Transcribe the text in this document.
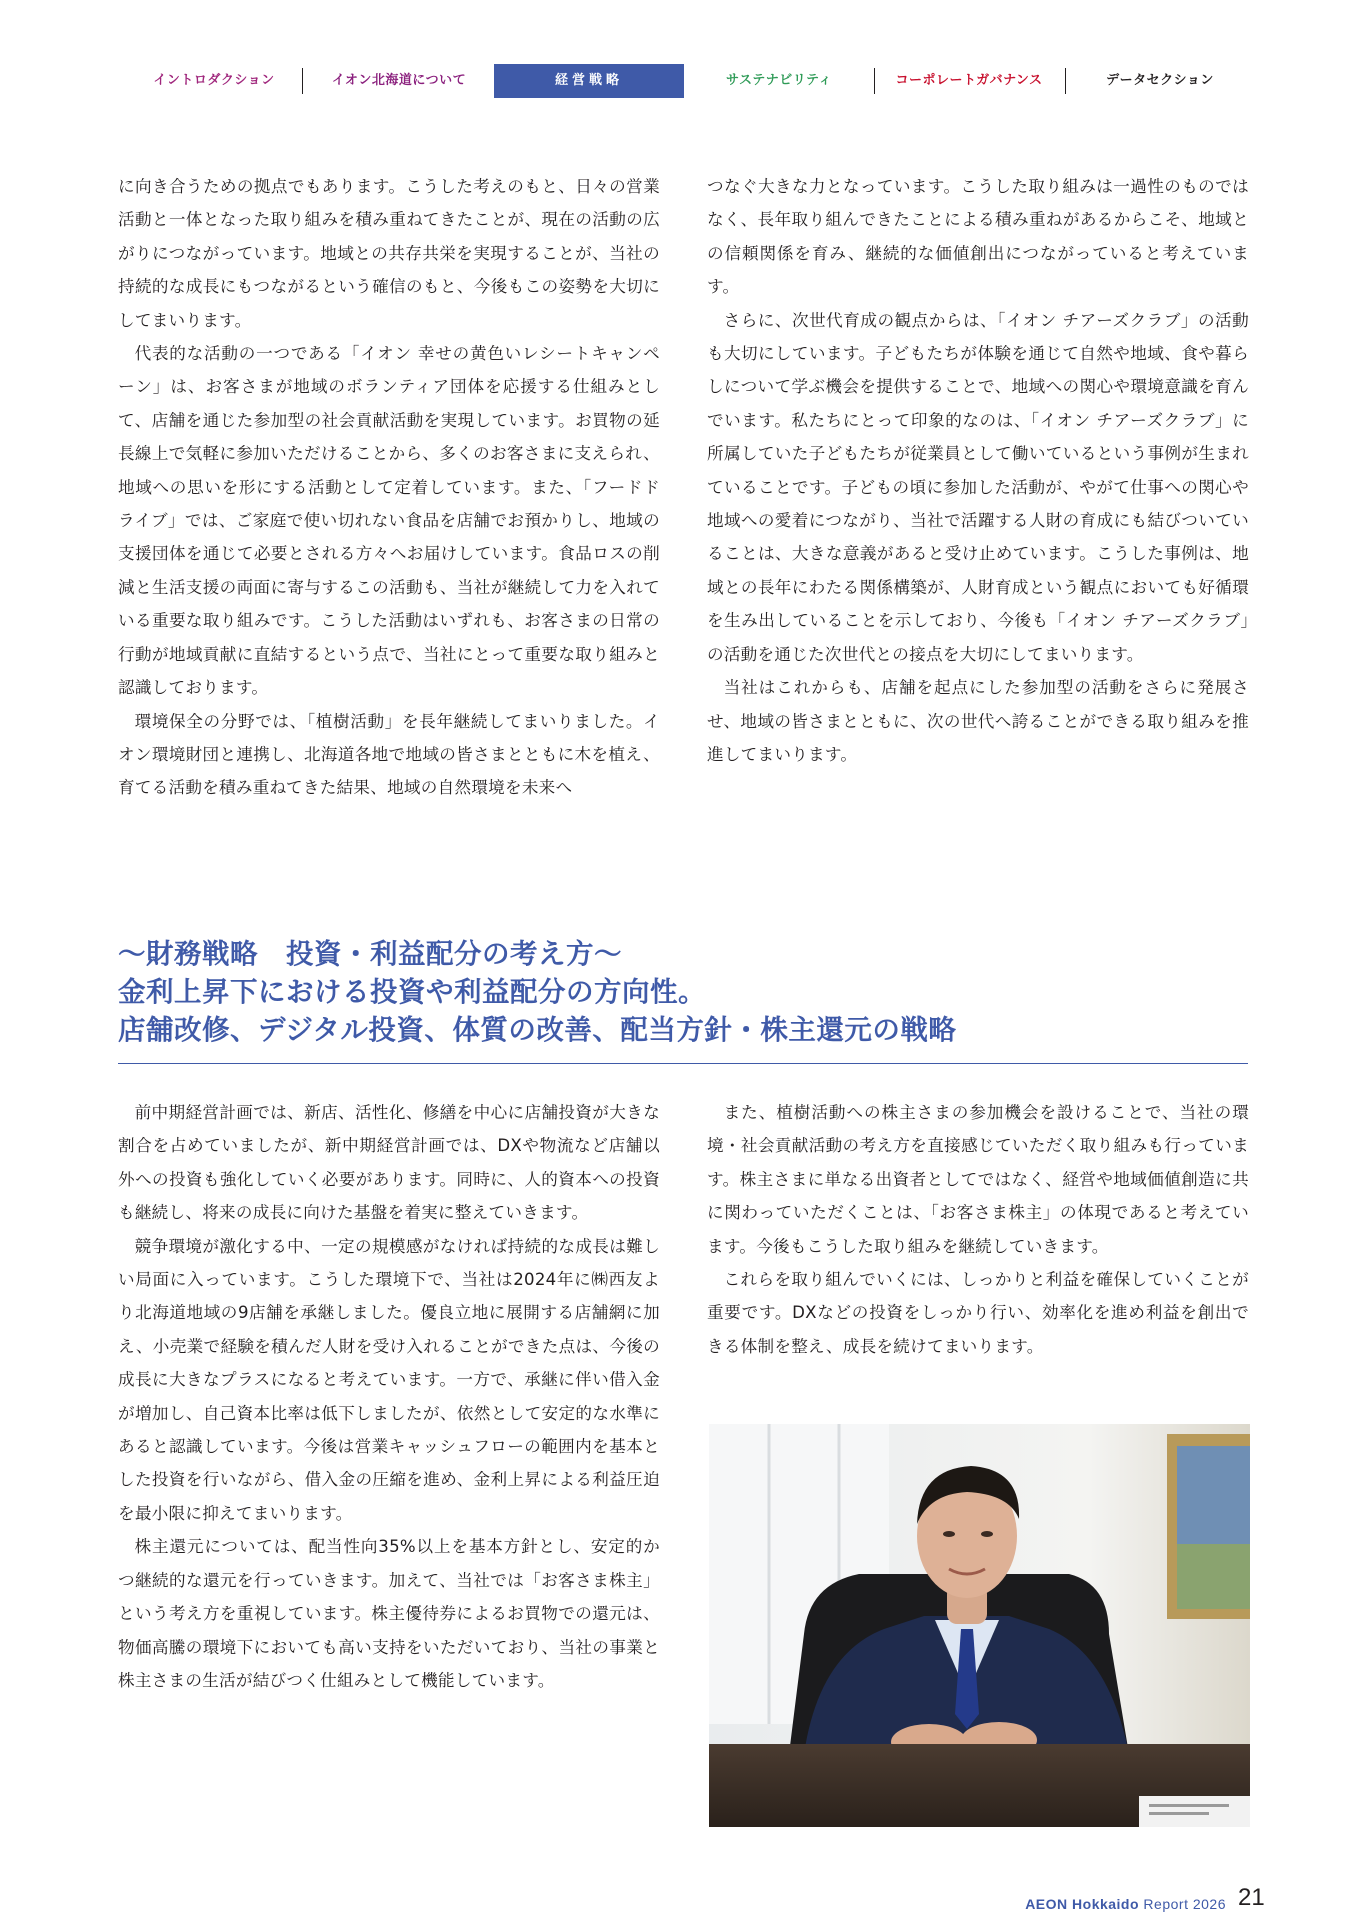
イントロダクション	イオン北海道について	経営戦略	サステナビリティ	コーポレートガバナンス	データセクション

に向き合うための拠点でもあります。こうした考えのもと、日々の営業活動と一体となった取り組みを積み重ねてきたことが、現在の活動の広がりにつながっています。地域との共存共栄を実現することが、当社の持続的な成長にもつながるという確信のもと、今後もこの姿勢を大切にしてまいります。

代表的な活動の一つである「イオン 幸せの黄色いレシートキャンペーン」は、お客さまが地域のボランティア団体を応援する仕組みとして、店舗を通じた参加型の社会貢献活動を実現しています。お買物の延長線上で気軽に参加いただけることから、多くのお客さまに支えられ、地域への思いを形にする活動として定着しています。また、「フードドライブ」では、ご家庭で使い切れない食品を店舗でお預かりし、地域の支援団体を通じて必要とされる方々へお届けしています。食品ロスの削減と生活支援の両面に寄与するこの活動も、当社が継続して力を入れている重要な取り組みです。こうした活動はいずれも、お客さまの日常の行動が地域貢献に直結するという点で、当社にとって重要な取り組みと認識しております。

環境保全の分野では、「植樹活動」を長年継続してまいりました。イオン環境財団と連携し、北海道各地で地域の皆さまとともに木を植え、育てる活動を積み重ねてきた結果、地域の自然環境を未来へ

つなぐ大きな力となっています。こうした取り組みは一過性のものではなく、長年取り組んできたことによる積み重ねがあるからこそ、地域との信頼関係を育み、継続的な価値創出につながっていると考えています。

さらに、次世代育成の観点からは、「イオン チアーズクラブ」の活動も大切にしています。子どもたちが体験を通じて自然や地域、食や暮らしについて学ぶ機会を提供することで、地域への関心や環境意識を育んでいます。私たちにとって印象的なのは、「イオン チアーズクラブ」に所属していた子どもたちが従業員として働いているという事例が生まれていることです。子どもの頃に参加した活動が、やがて仕事への関心や地域への愛着につながり、当社で活躍する人財の育成にも結びついていることは、大きな意義があると受け止めています。こうした事例は、地域との長年にわたる関係構築が、人財育成という観点においても好循環を生み出していることを示しており、今後も「イオン チアーズクラブ」の活動を通じた次世代との接点を大切にしてまいります。

当社はこれからも、店舗を起点にした参加型の活動をさらに発展させ、地域の皆さまとともに、次の世代へ誇ることができる取り組みを推進してまいります。

〜財務戦略　投資・利益配分の考え方〜
金利上昇下における投資や利益配分の方向性。
店舗改修、デジタル投資、体質の改善、配当方針・株主還元の戦略

前中期経営計画では、新店、活性化、修繕を中心に店舗投資が大きな割合を占めていましたが、新中期経営計画では、DXや物流など店舗以外への投資も強化していく必要があります。同時に、人的資本への投資も継続し、将来の成長に向けた基盤を着実に整えていきます。

競争環境が激化する中、一定の規模感がなければ持続的な成長は難しい局面に入っています。こうした環境下で、当社は2024年に㈱西友より北海道地域の9店舗を承継しました。優良立地に展開する店舗網に加え、小売業で経験を積んだ人財を受け入れることができた点は、今後の成長に大きなプラスになると考えています。一方で、承継に伴い借入金が増加し、自己資本比率は低下しましたが、依然として安定的な水準にあると認識しています。今後は営業キャッシュフローの範囲内を基本とした投資を行いながら、借入金の圧縮を進め、金利上昇による利益圧迫を最小限に抑えてまいります。

株主還元については、配当性向35%以上を基本方針とし、安定的かつ継続的な還元を行っていきます。加えて、当社では「お客さま株主」という考え方を重視しています。株主優待券によるお買物での還元は、物価高騰の環境下においても高い支持をいただいており、当社の事業と株主さまの生活が結びつく仕組みとして機能しています。

また、植樹活動への株主さまの参加機会を設けることで、当社の環境・社会貢献活動の考え方を直接感じていただく取り組みも行っています。株主さまに単なる出資者としてではなく、経営や地域価値創造に共に関わっていただくことは、「お客さま株主」の体現であると考えています。今後もこうした取り組みを継続していきます。

これらを取り組んでいくには、しっかりと利益を確保していくことが重要です。DXなどの投資をしっかり行い、効率化を進め利益を創出できる体制を整え、成長を続けてまいります。

AEON Hokkaido Report 2026 21
